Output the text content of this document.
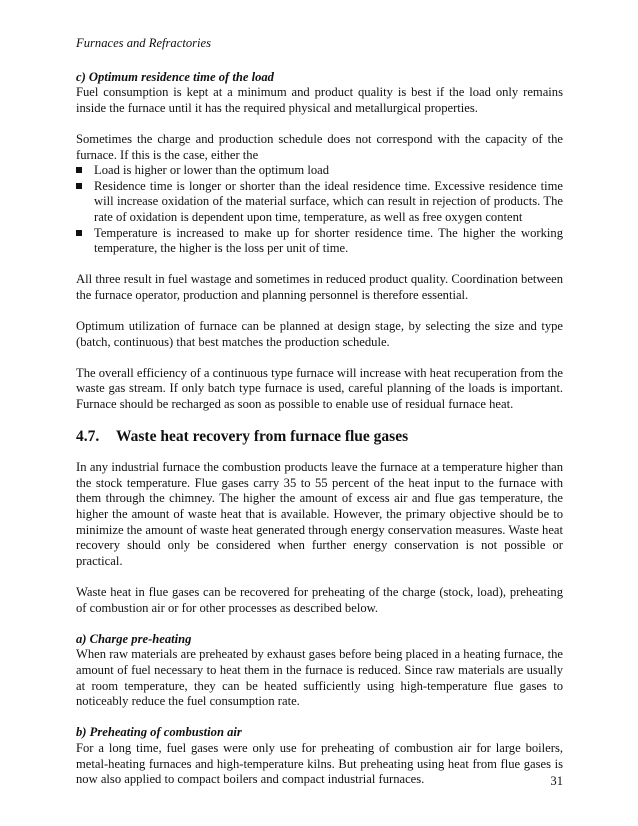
Furnaces and Refractories
c) Optimum residence time of the load

Fuel consumption is kept at a minimum and product quality is best if the load only remains inside the furnace until it has the required physical and metallurgical properties.

Sometimes the charge and production schedule does not correspond with the capacity of the furnace. If this is the case, either the

Load is higher or lower than the optimum load
Residence time is longer or shorter than the ideal residence time. Excessive residence time will increase oxidation of the material surface, which can result in rejection of products. The rate of oxidation is dependent upon time, temperature, as well as free oxygen content
Temperature is increased to make up for shorter residence time. The higher the working temperature, the higher is the loss per unit of time.

All three result in fuel wastage and sometimes in reduced product quality. Coordination between the furnace operator, production and planning personnel is therefore essential.

Optimum utilization of furnace can be planned at design stage, by selecting the size and type (batch, continuous) that best matches the production schedule.

The overall efficiency of a continuous type furnace will increase with heat recuperation from the waste gas stream. If only batch type furnace is used, careful planning of the loads is important. Furnace should be recharged as soon as possible to enable use of residual furnace heat.

4.7. Waste heat recovery from furnace flue gases

In any industrial furnace the combustion products leave the furnace at a temperature higher than the stock temperature. Flue gases carry 35 to 55 percent of the heat input to the furnace with them through the chimney. The higher the amount of excess air and flue gas temperature, the higher the amount of waste heat that is available. However, the primary objective should be to minimize the amount of waste heat generated through energy conservation measures. Waste heat recovery should only be considered when further energy conservation is not possible or practical.

Waste heat in flue gases can be recovered for preheating of the charge (stock, load), preheating of combustion air or for other processes as described below.

a) Charge pre-heating

When raw materials are preheated by exhaust gases before being placed in a heating furnace, the amount of fuel necessary to heat them in the furnace is reduced. Since raw materials are usually at room temperature, they can be heated sufficiently using high-temperature flue gases to noticeably reduce the fuel consumption rate.

b) Preheating of combustion air

For a long time, fuel gases were only use for preheating of combustion air for large boilers, metal-heating furnaces and high-temperature kilns. But preheating using heat from flue gases is now also applied to compact boilers and compact industrial furnaces.	31
